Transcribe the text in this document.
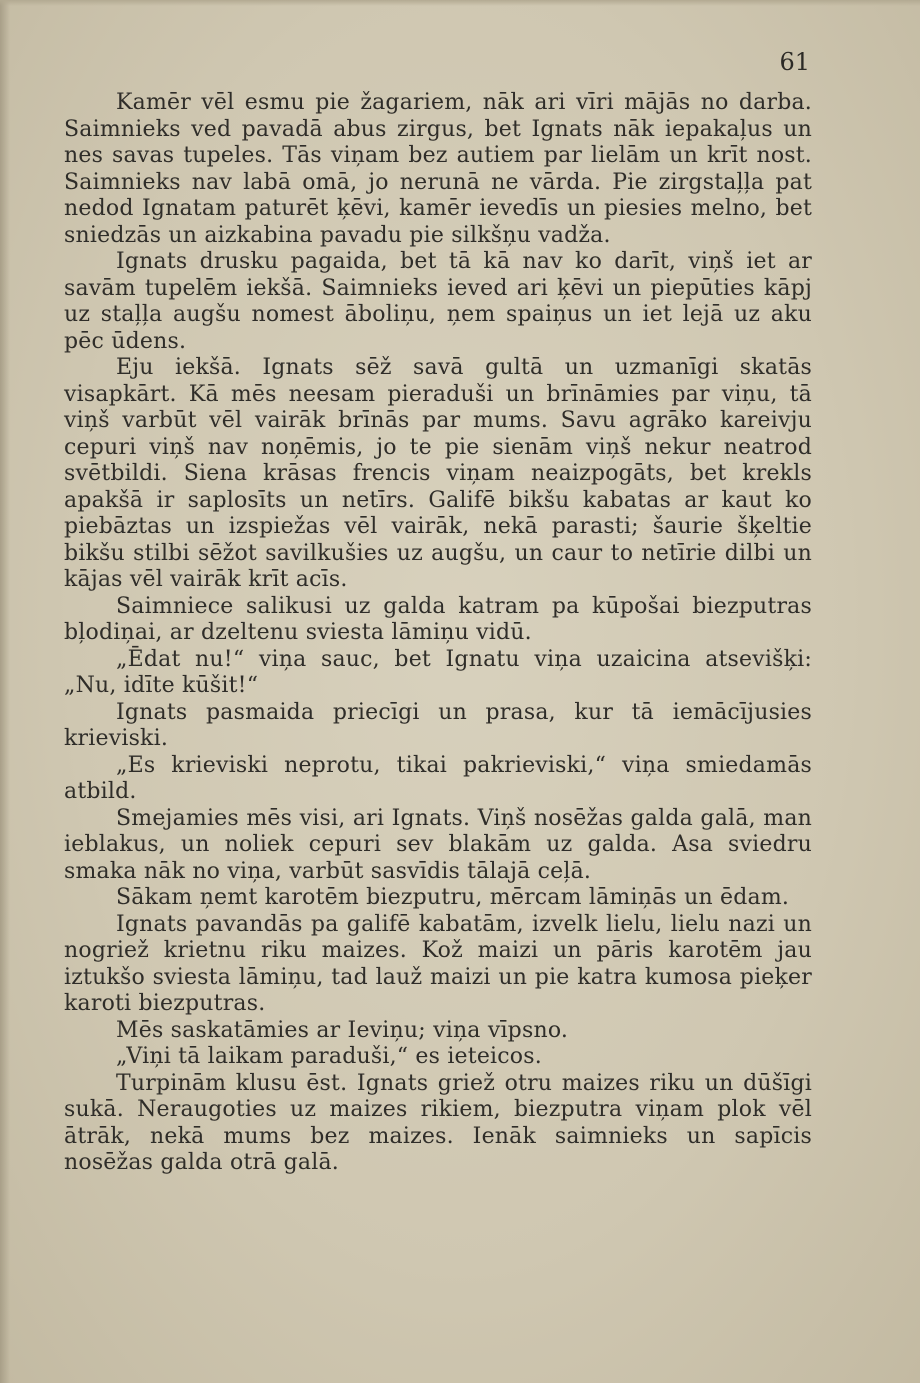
61

Kamēr vēl esmu pie žagariem, nāk ari vīri mājās no darba. Saimnieks ved pavadā abus zirgus, bet Ignats nāk iepakaļus un nes savas tupeles. Tās viņam bez autiem par lielām un krīt nost. Saimnieks nav labā omā, jo nerunā ne vārda. Pie zirgstaļļa pat nedod Ignatam paturēt ķēvi, kamēr ievedīs un piesies melno, bet sniedzās un aizkabina pavadu pie silkšņu vadža.

Ignats drusku pagaida, bet tā kā nav ko darīt, viņš iet ar savām tupelēm iekšā. Saimnieks ieved ari ķēvi un piepūties kāpj uz staļļa augšu nomest āboliņu, ņem spaiņus un iet lejā uz aku pēc ūdens.

Eju iekšā. Ignats sēž savā gultā un uzmanīgi skatās visapkārt. Kā mēs neesam pieraduši un brīnāmies par viņu, tā viņš varbūt vēl vairāk brīnās par mums. Savu agrāko kareivju cepuri viņš nav noņēmis, jo te pie sienām viņš nekur neatrod svētbildi. Siena krāsas frencis viņam neaizpogāts, bet krekls apakšā ir saplosīts un netīrs. Galifē bikšu kabatas ar kaut ko piebāztas un izspiežas vēl vairāk, nekā parasti; šaurie šķeltie bikšu stilbi sēžot savilkušies uz augšu, un caur to netīrie dilbi un kājas vēl vairāk krīt acīs.

Saimniece salikusi uz galda katram pa kūpošai biezputras bļodiņai, ar dzeltenu sviesta lāmiņu vidū.

„Ēdat nu!“ viņa sauc, bet Ignatu viņa uzaicina atsevišķi: „Nu, idīte kūšit!“

Ignats pasmaida priecīgi un prasa, kur tā iemācījusies krieviski.

„Es krieviski neprotu, tikai pakrieviski,“ viņa smiedamās atbild.

Smejamies mēs visi, ari Ignats. Viņš nosēžas galda galā, man ieblakus, un noliek cepuri sev blakām uz galda. Asa sviedru smaka nāk no viņa, varbūt sasvīdis tālajā ceļā.

Sākam ņemt karotēm biezputru, mērcam lāmiņās un ēdam.

Ignats pavandās pa galifē kabatām, izvelk lielu, lielu nazi un nogriež krietnu riku maizes. Kož maizi un pāris karotēm jau iztukšo sviesta lāmiņu, tad lauž maizi un pie katra kumosa pieķer karoti biezputras.

Mēs saskatāmies ar Ieviņu; viņa vīpsno.

„Viņi tā laikam paraduši,“ es ieteicos.

Turpinām klusu ēst. Ignats griež otru maizes riku un dūšīgi sukā. Neraugoties uz maizes rikiem, biezputra viņam plok vēl ātrāk, nekā mums bez maizes. Ienāk saimnieks un sapīcis nosēžas galda otrā galā.
